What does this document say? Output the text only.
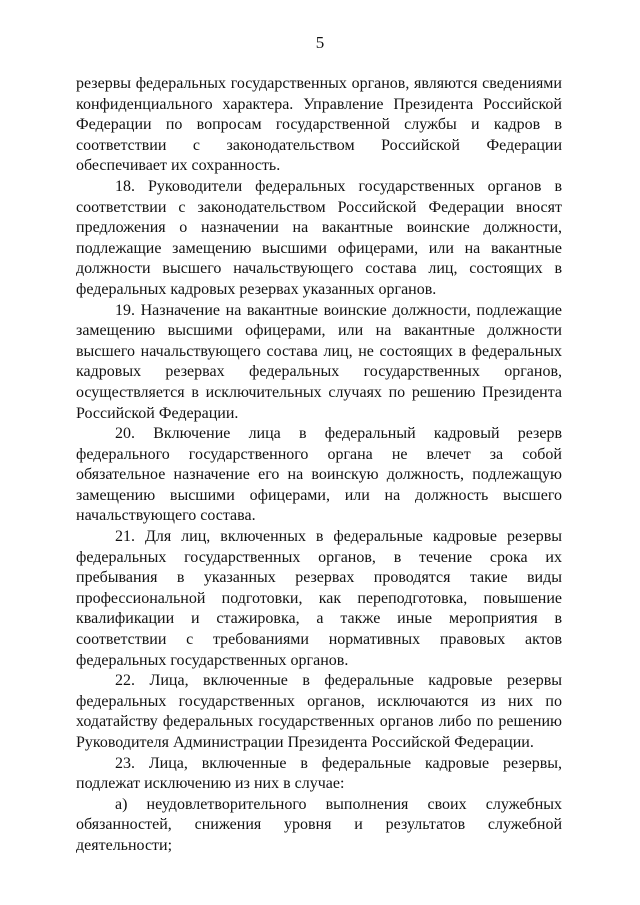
5

резервы федеральных государственных органов, являются сведениями конфиденциального характера. Управление Президента Российской Федерации по вопросам государственной службы и кадров в соответствии с законодательством Российской Федерации обеспечивает их сохранность.

18. Руководители федеральных государственных органов в соответствии с законодательством Российской Федерации вносят предложения о назначении на вакантные воинские должности, подлежащие замещению высшими офицерами, или на вакантные должности высшего начальствующего состава лиц, состоящих в федеральных кадровых резервах указанных органов.

19. Назначение на вакантные воинские должности, подлежащие замещению высшими офицерами, или на вакантные должности высшего начальствующего состава лиц, не состоящих в федеральных кадровых резервах федеральных государственных органов, осуществляется в исключительных случаях по решению Президента Российской Федерации.

20. Включение лица в федеральный кадровый резерв федерального государственного органа не влечет за собой обязательное назначение его на воинскую должность, подлежащую замещению высшими офицерами, или на должность высшего начальствующего состава.

21. Для лиц, включенных в федеральные кадровые резервы федеральных государственных органов, в течение срока их пребывания в указанных резервах проводятся такие виды профессиональной подготовки, как переподготовка, повышение квалификации и стажировка, а также иные мероприятия в соответствии с требованиями нормативных правовых актов федеральных государственных органов.

22. Лица, включенные в федеральные кадровые резервы федеральных государственных органов, исключаются из них по ходатайству федеральных государственных органов либо по решению Руководителя Администрации Президента Российской Федерации.

23. Лица, включенные в федеральные кадровые резервы, подлежат исключению из них в случае:

а) неудовлетворительного выполнения своих служебных обязанностей, снижения уровня и результатов служебной деятельности;
